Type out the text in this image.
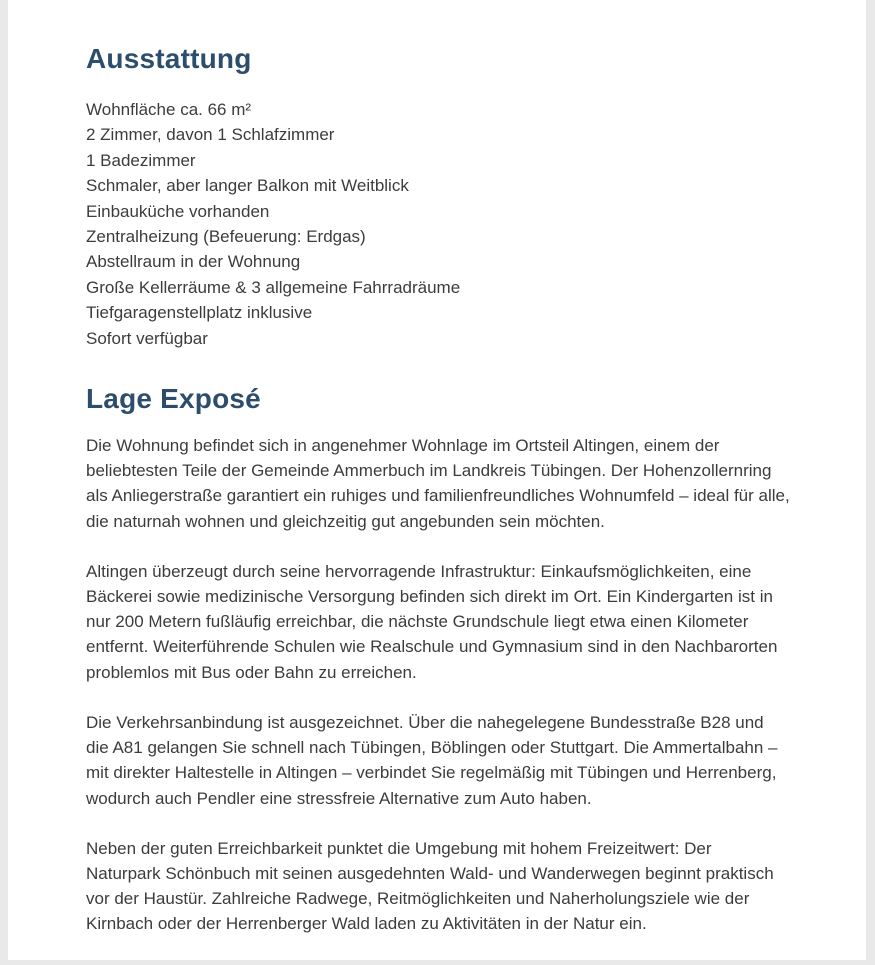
Ausstattung
Wohnfläche ca. 66 m²
2 Zimmer, davon 1 Schlafzimmer
1 Badezimmer
Schmaler, aber langer Balkon mit Weitblick
Einbauküche vorhanden
Zentralheizung (Befeuerung: Erdgas)
Abstellraum in der Wohnung
Große Kellerräume & 3 allgemeine Fahrradräume
Tiefgaragenstellplatz inklusive
Sofort verfügbar
Lage Exposé

Die Wohnung befindet sich in angenehmer Wohnlage im Ortsteil Altingen, einem der beliebtesten Teile der Gemeinde Ammerbuch im Landkreis Tübingen. Der Hohenzollernring als Anliegerstraße garantiert ein ruhiges und familienfreundliches Wohnumfeld – ideal für alle, die naturnah wohnen und gleichzeitig gut angebunden sein möchten.

Altingen überzeugt durch seine hervorragende Infrastruktur: Einkaufsmöglichkeiten, eine Bäckerei sowie medizinische Versorgung befinden sich direkt im Ort. Ein Kindergarten ist in nur 200 Metern fußläufig erreichbar, die nächste Grundschule liegt etwa einen Kilometer entfernt. Weiterführende Schulen wie Realschule und Gymnasium sind in den Nachbarorten problemlos mit Bus oder Bahn zu erreichen.

Die Verkehrsanbindung ist ausgezeichnet. Über die nahegelegene Bundesstraße B28 und die A81 gelangen Sie schnell nach Tübingen, Böblingen oder Stuttgart. Die Ammertalbahn – mit direkter Haltestelle in Altingen – verbindet Sie regelmäßig mit Tübingen und Herrenberg, wodurch auch Pendler eine stressfreie Alternative zum Auto haben.

Neben der guten Erreichbarkeit punktet die Umgebung mit hohem Freizeitwert: Der Naturpark Schönbuch mit seinen ausgedehnten Wald- und Wanderwegen beginnt praktisch vor der Haustür. Zahlreiche Radwege, Reitmöglichkeiten und Naherholungsziele wie der Kirnbach oder der Herrenberger Wald laden zu Aktivitäten in der Natur ein.
